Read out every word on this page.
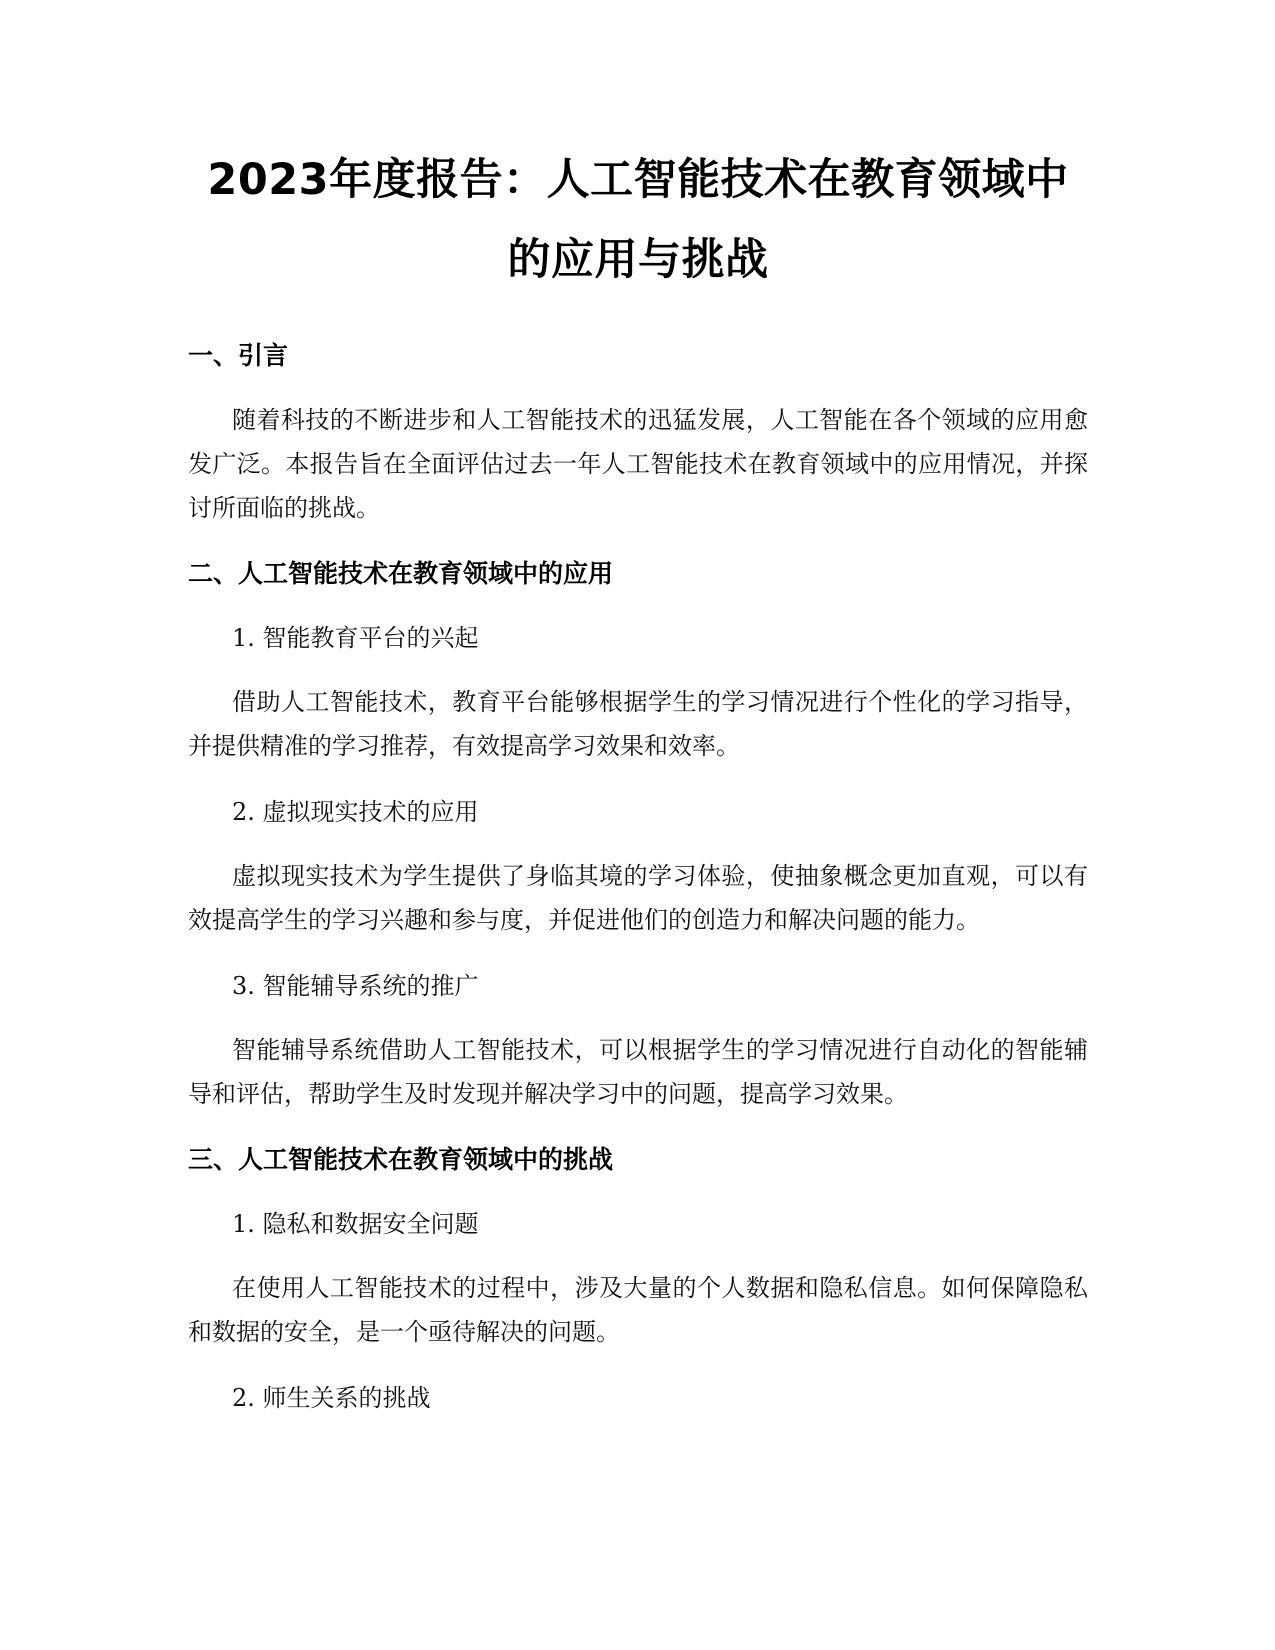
2023年度报告：人工智能技术在教育领域中
的应用与挑战
一、引言

随着科技的不断进步和人工智能技术的迅猛发展，人工智能在各个领域的应用愈发广泛。本报告旨在全面评估过去一年人工智能技术在教育领域中的应用情况，并探讨所面临的挑战。

二、人工智能技术在教育领域中的应用

1. 智能教育平台的兴起

借助人工智能技术，教育平台能够根据学生的学习情况进行个性化的学习指导，并提供精准的学习推荐，有效提高学习效果和效率。

2. 虚拟现实技术的应用

虚拟现实技术为学生提供了身临其境的学习体验，使抽象概念更加直观，可以有效提高学生的学习兴趣和参与度，并促进他们的创造力和解决问题的能力。

3. 智能辅导系统的推广

智能辅导系统借助人工智能技术，可以根据学生的学习情况进行自动化的智能辅导和评估，帮助学生及时发现并解决学习中的问题，提高学习效果。

三、人工智能技术在教育领域中的挑战

1. 隐私和数据安全问题

在使用人工智能技术的过程中，涉及大量的个人数据和隐私信息。如何保障隐私和数据的安全，是一个亟待解决的问题。

2. 师生关系的挑战
